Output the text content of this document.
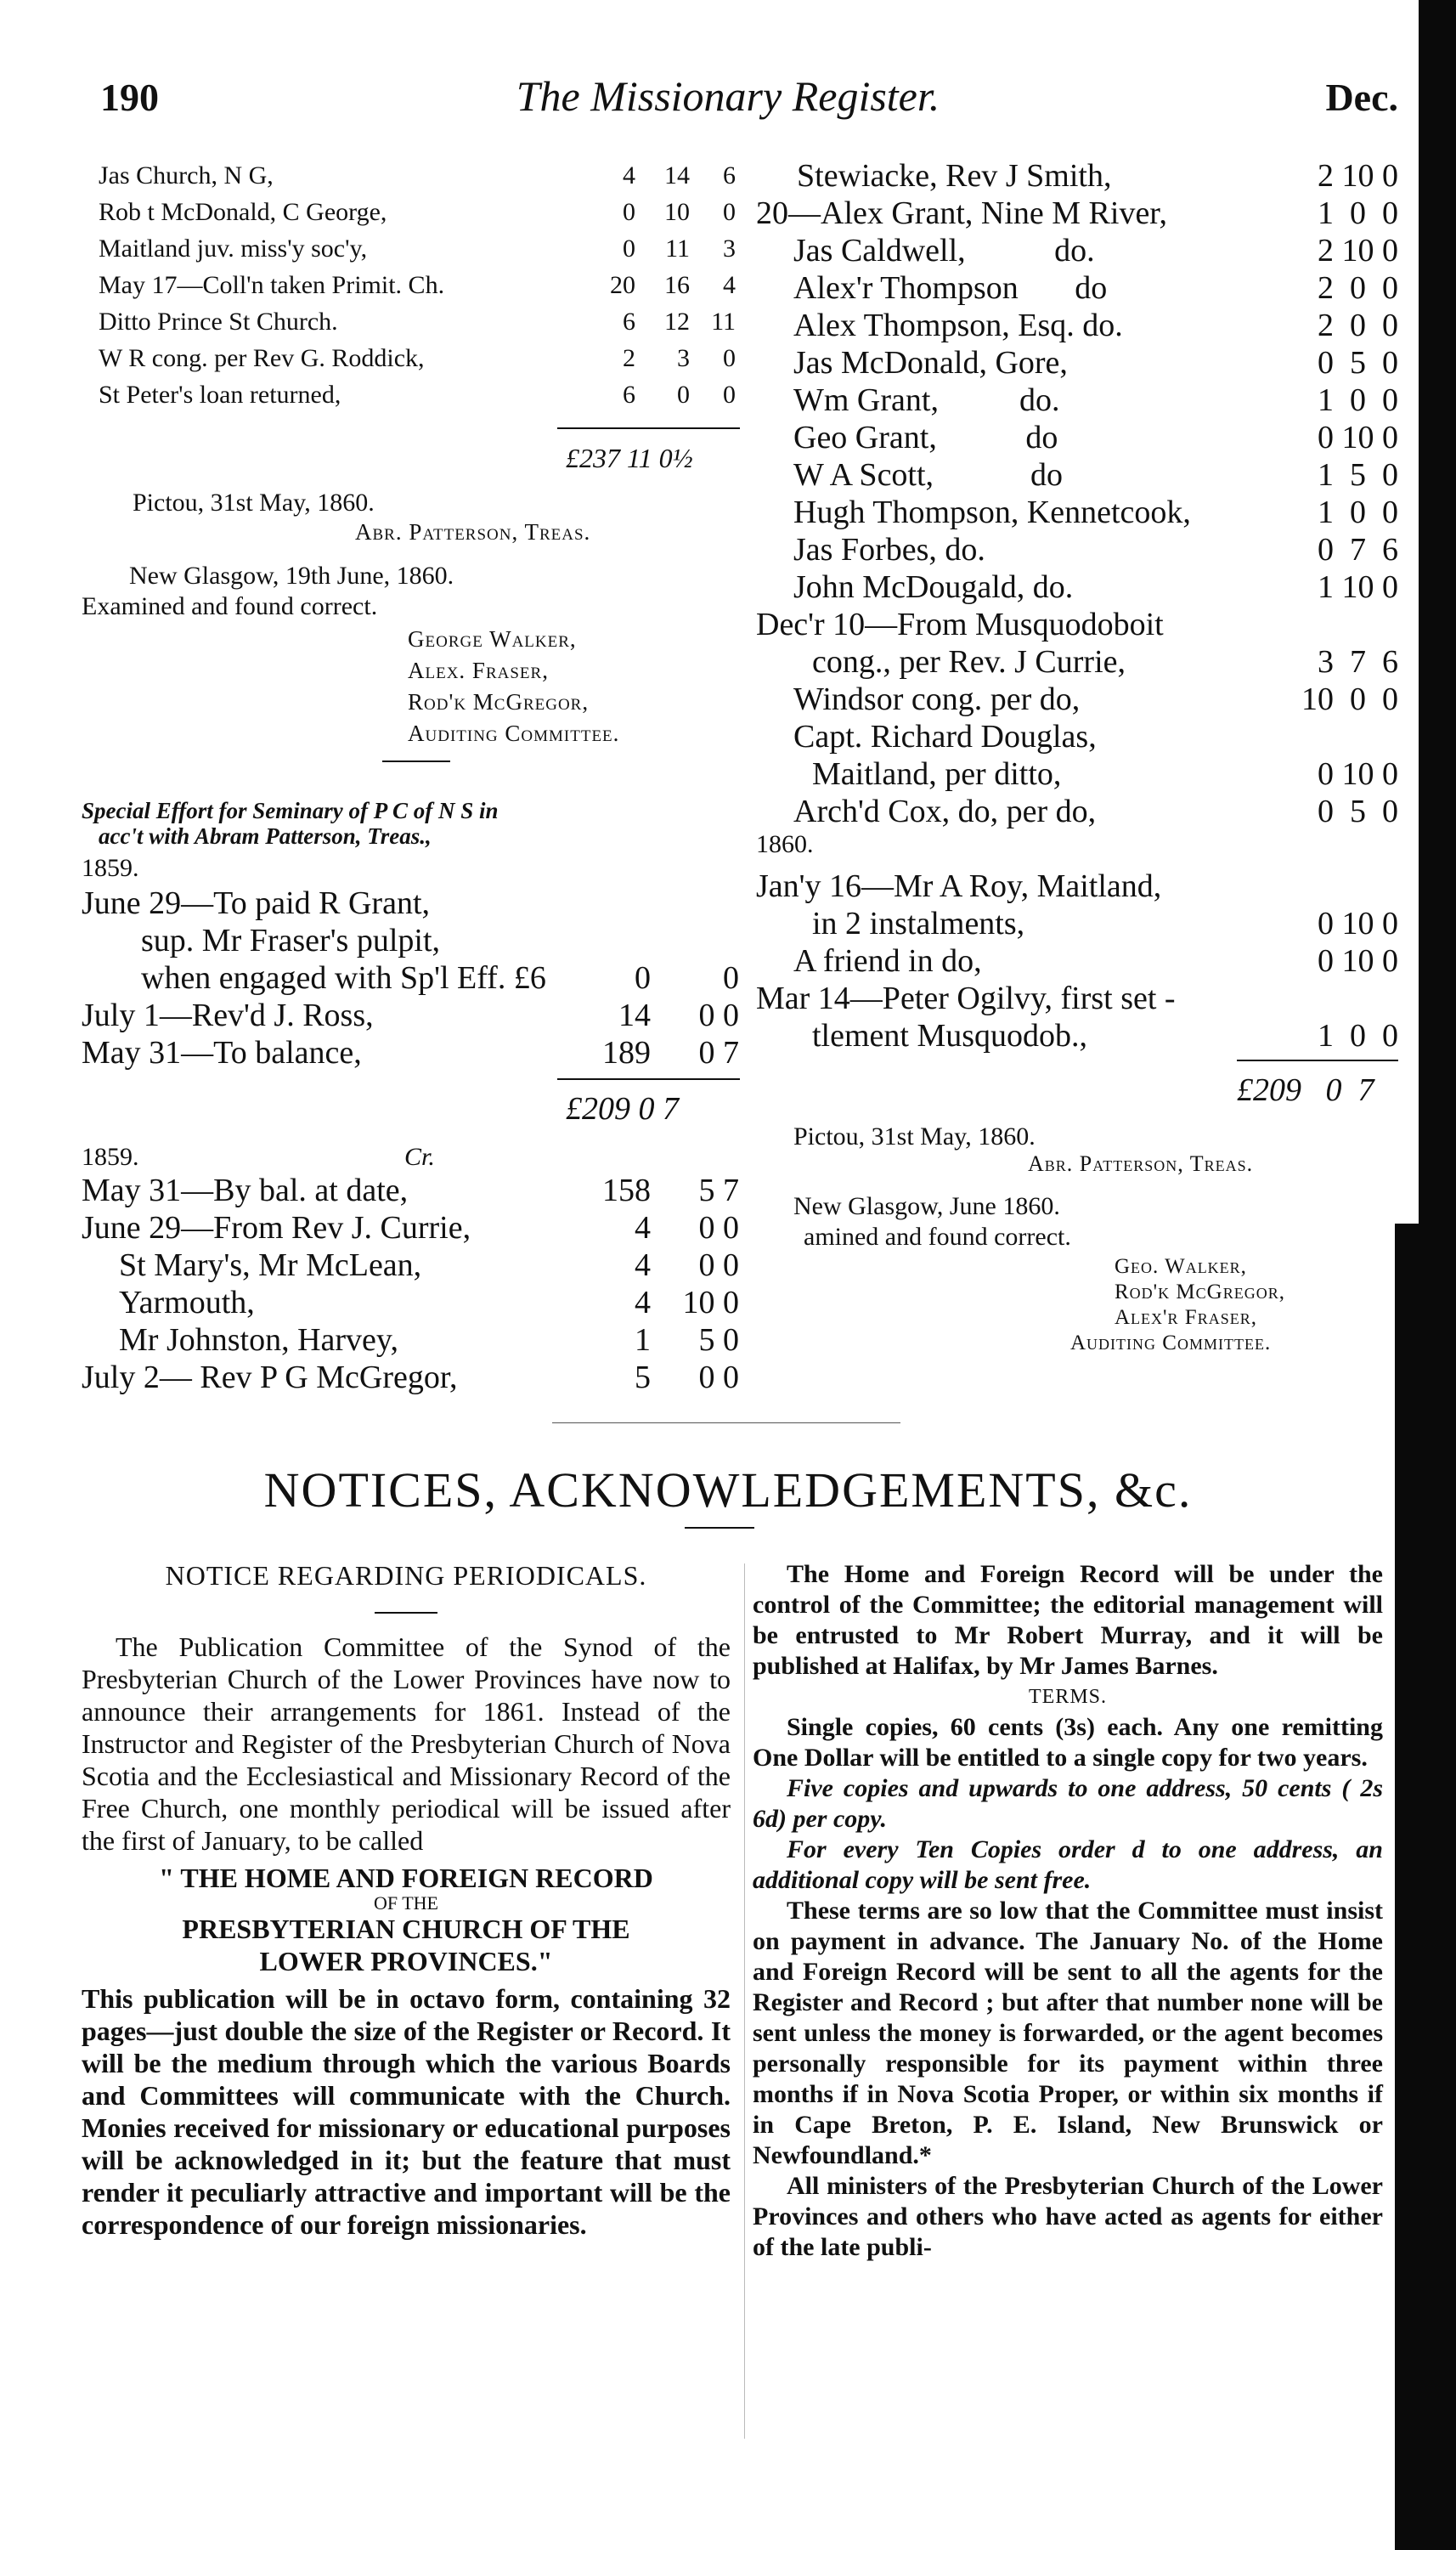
190	The Missionary Register.	Dec.
Jas Church, N G,	4	14	6
Rob t McDonald, C George,	0	10	0
Maitland juv. miss'y soc'y,	0	11	3
May 17—Coll'n taken Primit. Ch.	20	16	4
Ditto Prince St Church.	6	12 11
W R cong. per Rev G. Roddick,	2	3	0
St Peter's loan returned,	6	0	0
£237 11 0½
Pictou, 31st May, 1860.
Abr. Patterson, Treas.
New Glasgow, 19th June, 1860.
Examined and found correct.
George Walker,
Alex. Fraser,
Rod'k McGregor,
Auditing Committee.
Special Effort for Seminary of P C of N S in
acc't with Abram Patterson, Treas.,
1859.
June 29—To paid R Grant,
sup. Mr Fraser's pulpit,
when engaged with Sp'l Eff. £6	0	0
July 1—Rev'd J. Ross,	14	0 0
May 31—To balance,	189	0 7
£209 0 7
1859.	Cr.
May 31—By bal. at date,	158	5 7
June 29—From Rev J. Currie,	4	0 0
St Mary's, Mr McLean,	4	0 0
Yarmouth,	4 10 0
Mr Johnston, Harvey,	1	5 0
July 2— Rev P G McGregor,	5	0 0
Stewiacke, Rev J Smith,	2 10 0
20—Alex Grant, Nine M River,	1  0  0
Jas Caldwell,           do.	2 10 0
Alex'r Thompson       do	2  0  0
Alex Thompson, Esq. do.	2  0  0
Jas McDonald, Gore,	0  5  0
Wm Grant,          do.	1  0  0
Geo Grant,           do	0 10 0
W A Scott,            do	1  5  0
Hugh Thompson, Kennetcook,	1  0  0
Jas Forbes, do.	0  7  6
John McDougald, do.	1 10 0
Dec'r 10—From Musquodoboit
cong., per Rev. J Currie,	3  7  6
Windsor cong. per do,	10  0  0
Capt. Richard Douglas,
Maitland, per ditto,	0 10 0
Arch'd Cox, do, per do,	0  5  0
1860.
Jan'y 16—Mr A Roy, Maitland,
in 2 instalments,	0 10 0
A friend in do,	0 10 0
Mar 14—Peter Ogilvy, first set -
tlement Musquodob.,	1  0  0
£209   0  7
Pictou, 31st May, 1860.
Abr. Patterson, Treas.
New Glasgow, June 1860.
amined and found correct.
Geo. Walker,
Rod'k McGregor,
Alex'r Fraser,
Auditing Committee.
NOTICES, ACKNOWLEDGEMENTS, &c.

NOTICE REGARDING PERIODICALS.

The Publication Committee of the Synod of the Presbyterian Church of the Lower Provinces have now to announce their arrangements for 1861. Instead of the Instructor and Register of the Presbyterian Church of Nova Scotia and the Ecclesiastical and Missionary Record of the Free Church, one monthly periodical will be issued after the first of January, to be called

" THE HOME AND FOREIGN RECORD

OF THE

PRESBYTERIAN CHURCH OF THE

LOWER PROVINCES."

This publication will be in octavo form, containing 32 pages—just double the size of the Register or Record. It will be the medium through which the various Boards and Committees will communicate with the Church. Monies received for missionary or educational purposes will be acknowledged in it; but the feature that must render it peculiarly attractive and important will be the correspondence of our foreign missionaries.

The Home and Foreign Record will be under the control of the Committee; the editorial management will be entrusted to Mr Robert Murray, and it will be published at Halifax, by Mr James Barnes.

TERMS.

Single copies, 60 cents (3s) each. Any one remitting One Dollar will be entitled to a single copy for two years.

Five copies and upwards to one address, 50 cents ( 2s 6d) per copy.

For every Ten Copies order d to one address, an additional copy will be sent free.

These terms are so low that the Committee must insist on payment in advance. The January No. of the Home and Foreign Record will be sent to all the agents for the Register and Record ; but after that number none will be sent unless the money is forwarded, or the agent becomes personally responsible for its payment within three months if in Nova Scotia Proper, or within six months if in Cape Breton, P. E. Island, New Brunswick or Newfoundland.*

All ministers of the Presbyterian Church of the Lower Provinces and others who have acted as agents for either of the late publi-
